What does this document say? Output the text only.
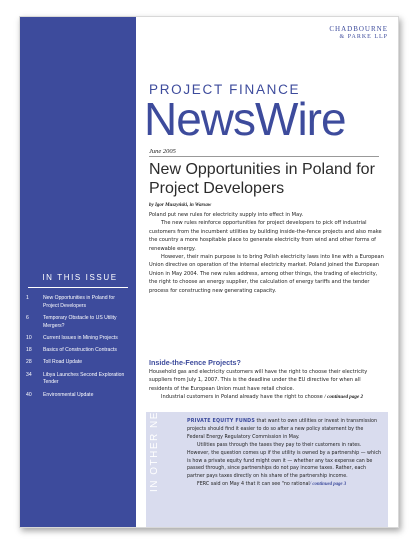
IN THIS ISSUE
1	New Opportunities in Poland for Project Developers
6	Temporary Obstacle to US Utility Mergers?
10	Current Issues in Mining Projects
18	Basics of Construction Contracts
28	Toll Road Update
34	Libya Launches Second Exploration Tender
40	Environmental Update
CHADBOURNE
& PARKE LLP
PROJECT FINANCE
NewsWire
June 2005
New Opportunities in Poland for Project Developers
by Igor Muszyński, in Warsaw

Poland put new rules for electricity supply into effect in May.

The new rules reinforce opportunities for project developers to pick off industrial customers from the incumbent utilities by building inside-the-fence projects and also make the country a more hospitable place to generate electricity from wind and other forms of renewable energy.

However, their main purpose is to bring Polish electricity laws into line with a European Union directive on operation of the internal electricity market. Poland joined the European Union in May 2004. The new rules address, among other things, the trading of electricity, the right to choose an energy supplier, the calculation of energy tariffs and the tender process for constructing new generating capacity.

Inside-the-Fence Projects?

Household gas and electricity customers will have the right to choose their electricity suppliers from July 1, 2007. This is the deadline under the EU directive for when all residents of the European Union must have retail choice.

Industrial customers in Poland already have the right to choose / continued page 2

IN OTHER NEWS	PRIVATE EQUITY FUNDS that want to own utilities or invest in transmission projects should find it easier to do so after a new policy statement by the Federal Energy Regulatory Commission in May.

Utilities pass through the taxes they pay to their customers in rates. However, the question comes up if the utility is owned by a partnership — which is how a private equity fund might own it — whether any tax expense can be passed through, since partnerships do not pay income taxes. Rather, each partner pays taxes directly on his share of the partnership income.

FERC said on May 4 that it can see "no rational/ continued page 3
